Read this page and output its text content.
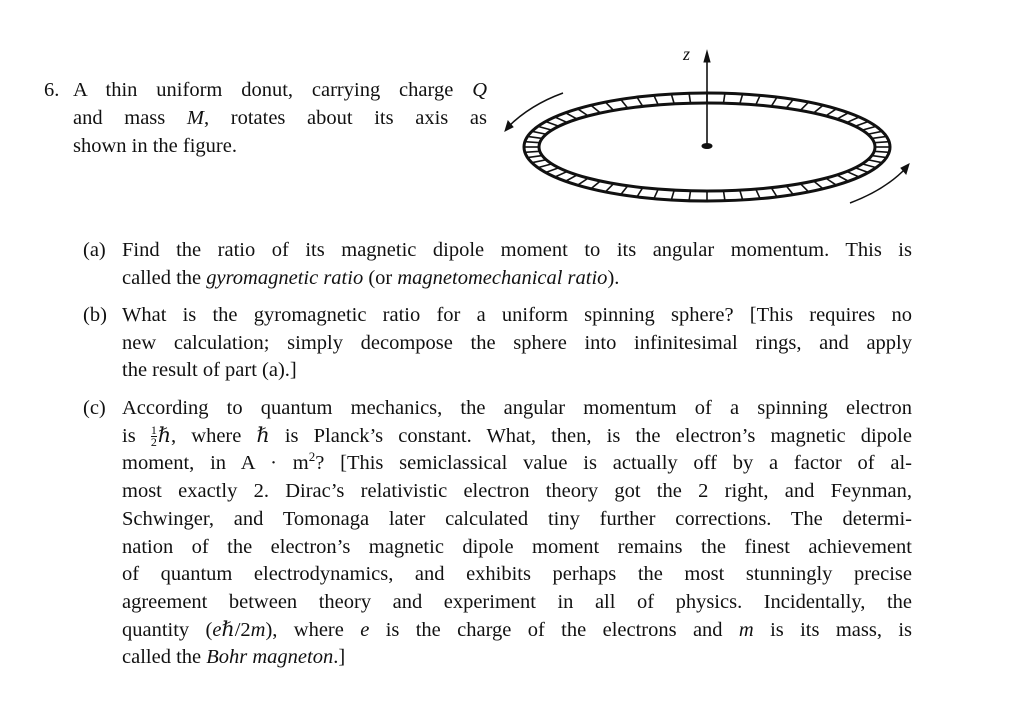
6. A thin uniform donut, carrying charge Q
and mass M, rotates about its axis as
shown in the figure.
(a) Find the ratio of its magnetic dipole moment to its angular momentum. This is
called the gyromagnetic ratio (or magnetomechanical ratio).
(b) What is the gyromagnetic ratio for a uniform spinning sphere? [This requires no
new calculation; simply decompose the sphere into infinitesimal rings, and apply
the result of part (a).]
(c) According to quantum mechanics, the angular momentum of a spinning electron
is $\frac{1}{2}$ ℏ, where ℏ is Planck’s constant. What, then, is the electron’s magnetic dipole
moment, in $A \cdot m^2$? [This semiclassical value is actually off by a factor of al-
most exactly 2. Dirac’s relativistic electron theory got the 2 right, and Feynman,
Schwinger, and Tomonaga later calculated tiny further corrections. The determi-
nation of the electron’s magnetic dipole moment remains the finest achievement
of quantum electrodynamics, and exhibits perhaps the most stunningly precise
agreement between theory and experiment in all of physics. Incidentally, the
quantity (eℏ/2m), where e is the charge of the electrons and m is its mass, is
called the Bohr magneton.]
z
